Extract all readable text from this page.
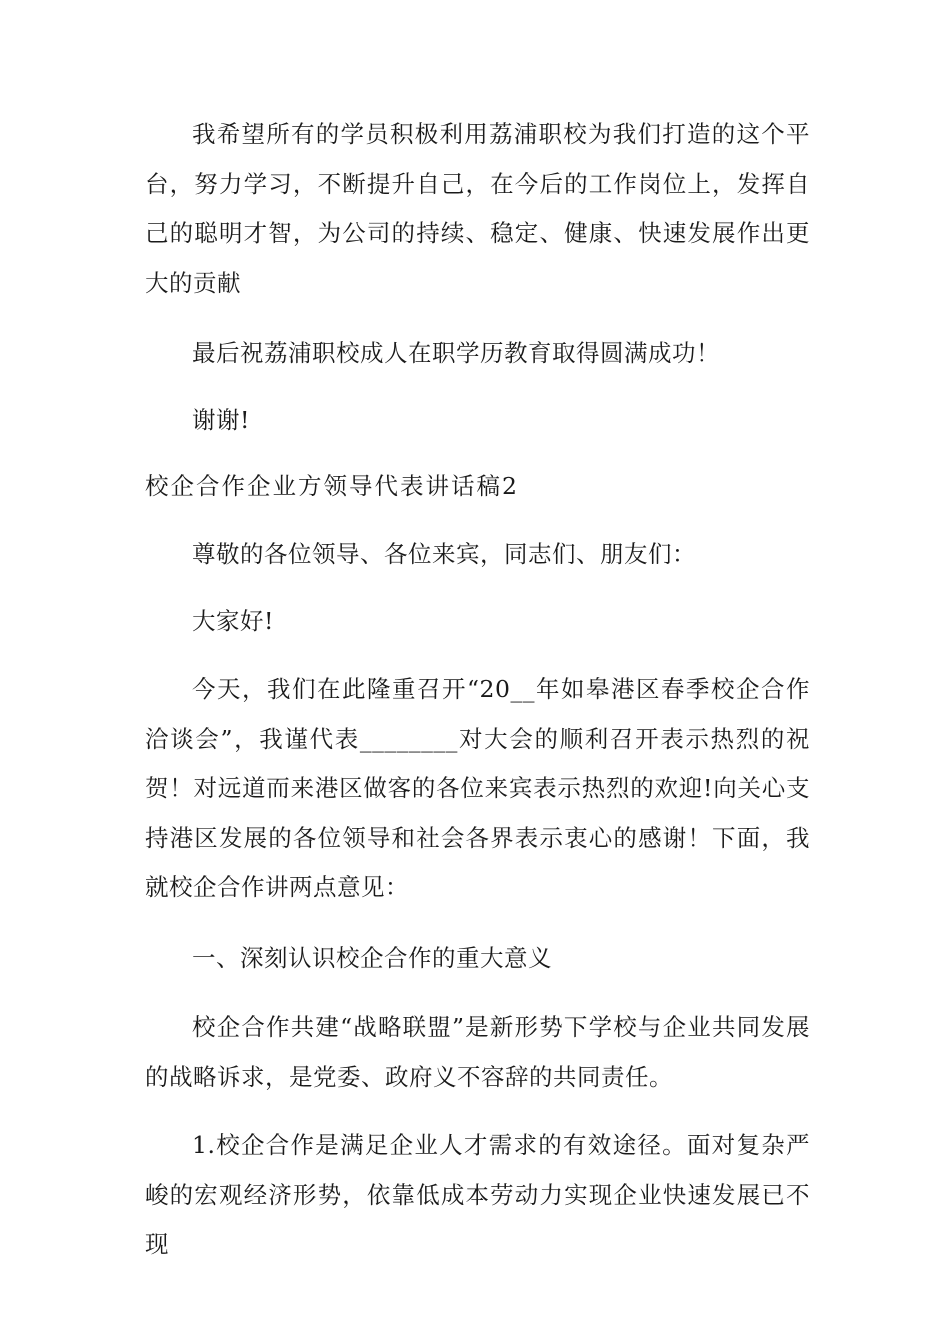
我希望所有的学员积极利用荔浦职校为我们打造的这个平台，努力学习，不断提升自己，在今后的工作岗位上，发挥自己的聪明才智，为公司的持续、稳定、健康、快速发展作出更大的贡献

最后祝荔浦职校成人在职学历教育取得圆满成功！

谢谢!

校企合作企业方领导代表讲话稿2

尊敬的各位领导、各位来宾，同志们、朋友们：

大家好!

今天，我们在此隆重召开“20__年如皋港区春季校企合作洽谈会”，我谨代表________对大会的顺利召开表示热烈的祝贺！对远道而来港区做客的各位来宾表示热烈的欢迎!向关心支持港区发展的各位领导和社会各界表示衷心的感谢！下面，我就校企合作讲两点意见：

一、深刻认识校企合作的重大意义

校企合作共建“战略联盟”是新形势下学校与企业共同发展的战略诉求，是党委、政府义不容辞的共同责任。

1.校企合作是满足企业人才需求的有效途径。面对复杂严峻的宏观经济形势，依靠低成本劳动力实现企业快速发展已不现
